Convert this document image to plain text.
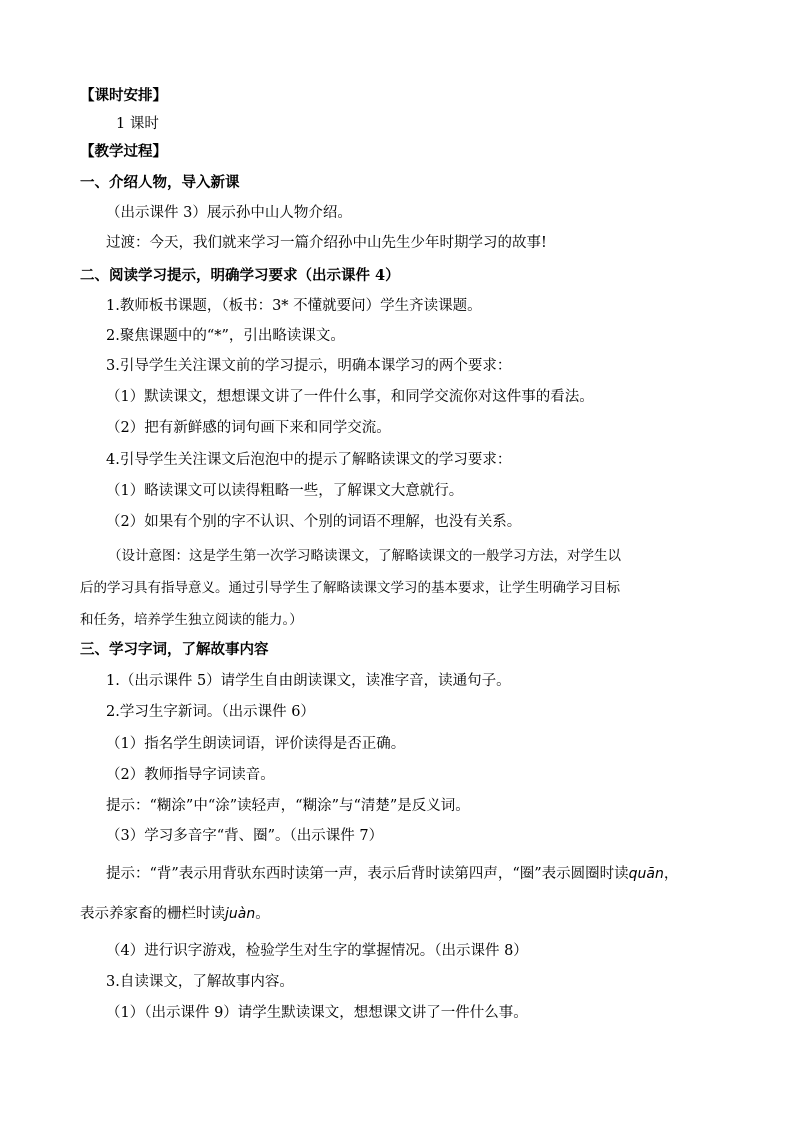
【课时安排】
1 课时
【教学过程】
一、介绍人物，导入新课
（出示课件 3）展示孙中山人物介绍。
过渡：今天，我们就来学习一篇介绍孙中山先生少年时期学习的故事!
二、阅读学习提示，明确学习要求（出示课件 4）
1.教师板书课题，（板书：3* 不懂就要问）学生齐读课题。
2.聚焦课题中的“*”，引出略读课文。
3.引导学生关注课文前的学习提示，明确本课学习的两个要求：
（1）默读课文，想想课文讲了一件什么事，和同学交流你对这件事的看法。
（2）把有新鲜感的词句画下来和同学交流。
4.引导学生关注课文后泡泡中的提示了解略读课文的学习要求：
（1）略读课文可以读得粗略一些，了解课文大意就行。
（2）如果有个别的字不认识、个别的词语不理解，也没有关系。
（设计意图：这是学生第一次学习略读课文，了解略读课文的一般学习方法，对学生以
后的学习具有指导意义。通过引导学生了解略读课文学习的基本要求，让学生明确学习目标
和任务，培养学生独立阅读的能力。）
三、学习字词，了解故事内容
1.（出示课件 5）请学生自由朗读课文，读准字音，读通句子。
2.学习生字新词。（出示课件 6）
（1）指名学生朗读词语，评价读得是否正确。
（2）教师指导字词读音。
提示：“糊涂”中“涂”读轻声，“糊涂”与“清楚”是反义词。
（3）学习多音字“背、圈”。（出示课件 7）
提示：“背”表示用背驮东西时读第一声，表示后背时读第四声，“圈”表示圆圈时读quān，
表示养家畜的栅栏时读juàn。
（4）进行识字游戏，检验学生对生字的掌握情况。（出示课件 8）
3.自读课文，了解故事内容。
（1）（出示课件 9）请学生默读课文，想想课文讲了一件什么事。
